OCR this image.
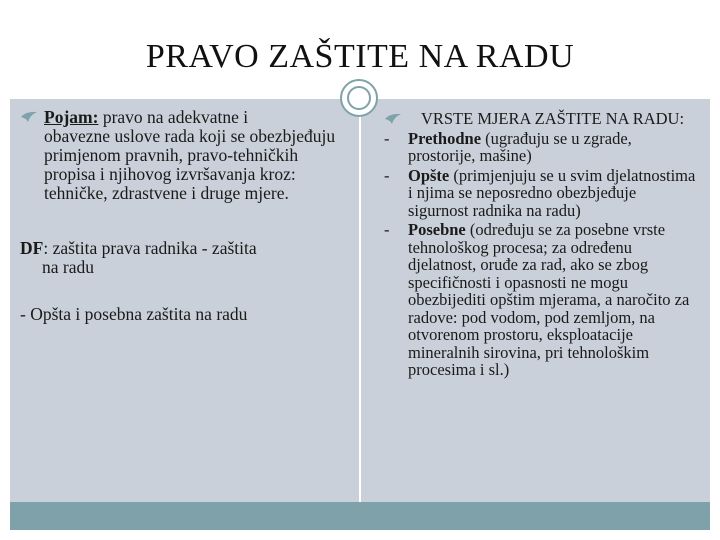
PRAVO ZAŠTITE NA RADU
Pojam: pravo na adekvatne i
obavezne uslove rada koji se obezbjeđuju primjenom pravnih, pravo-tehničkih propisa i njihovog izvršavanja kroz: tehničke, zdrastvene i druge mjere.
DF: zaštita prava radnika - zaštita
na radu
- Opšta i posebna zaštita na radu
VRSTE MJERA ZAŠTITE NA RADU:
- Prethodne (ugrađuju se u zgrade, prostorije, mašine)
- Opšte (primjenjuju se u svim djelatnostima i njima se neposredno obezbjeđuje sigurnost radnika na radu)
- Posebne (određuju se za posebne vrste tehnološkog procesa; za određenu djelatnost, oruđe za rad, ako se zbog specifičnosti i opasnosti ne mogu obezbijediti opštim mjerama, a naročito za radove: pod vodom, pod zemljom, na otvorenom prostoru, eksploatacije mineralnih sirovina, pri tehnološkim procesima i sl.)
